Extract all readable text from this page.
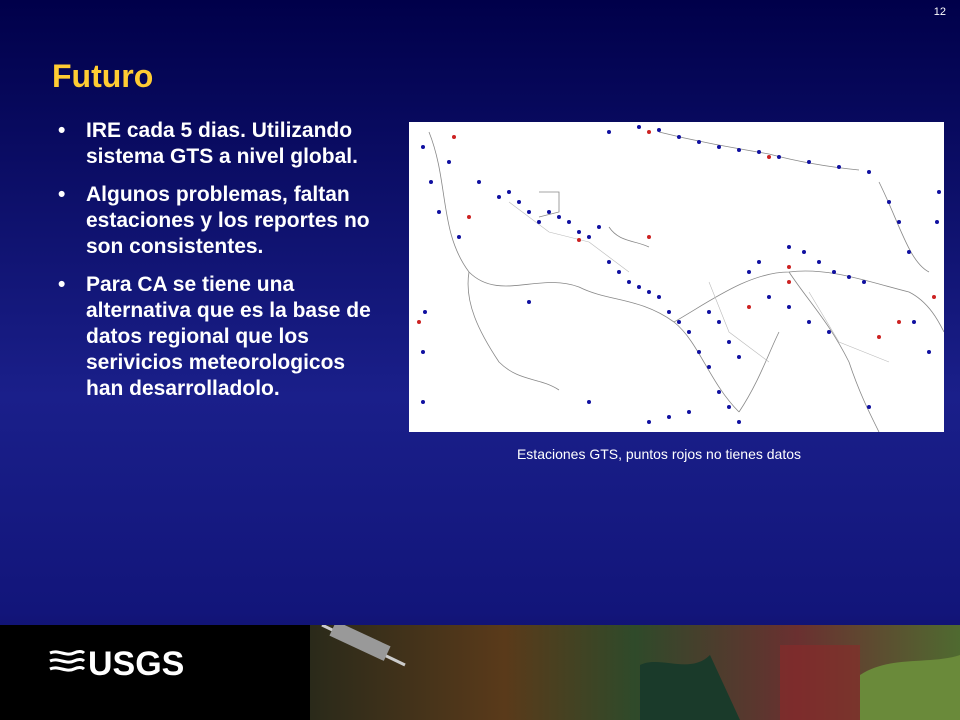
12
Futuro
• IRE cada 5 dias. Utilizando sistema GTS a nivel global.
• Algunos problemas, faltan estaciones y los reportes no son consistentes.
• Para CA se tiene una alternativa que es la base de datos regional que los serivicios meteorologicos han desarrolladolo.
Estaciones GTS, puntos rojos no tienes datos
USGS
